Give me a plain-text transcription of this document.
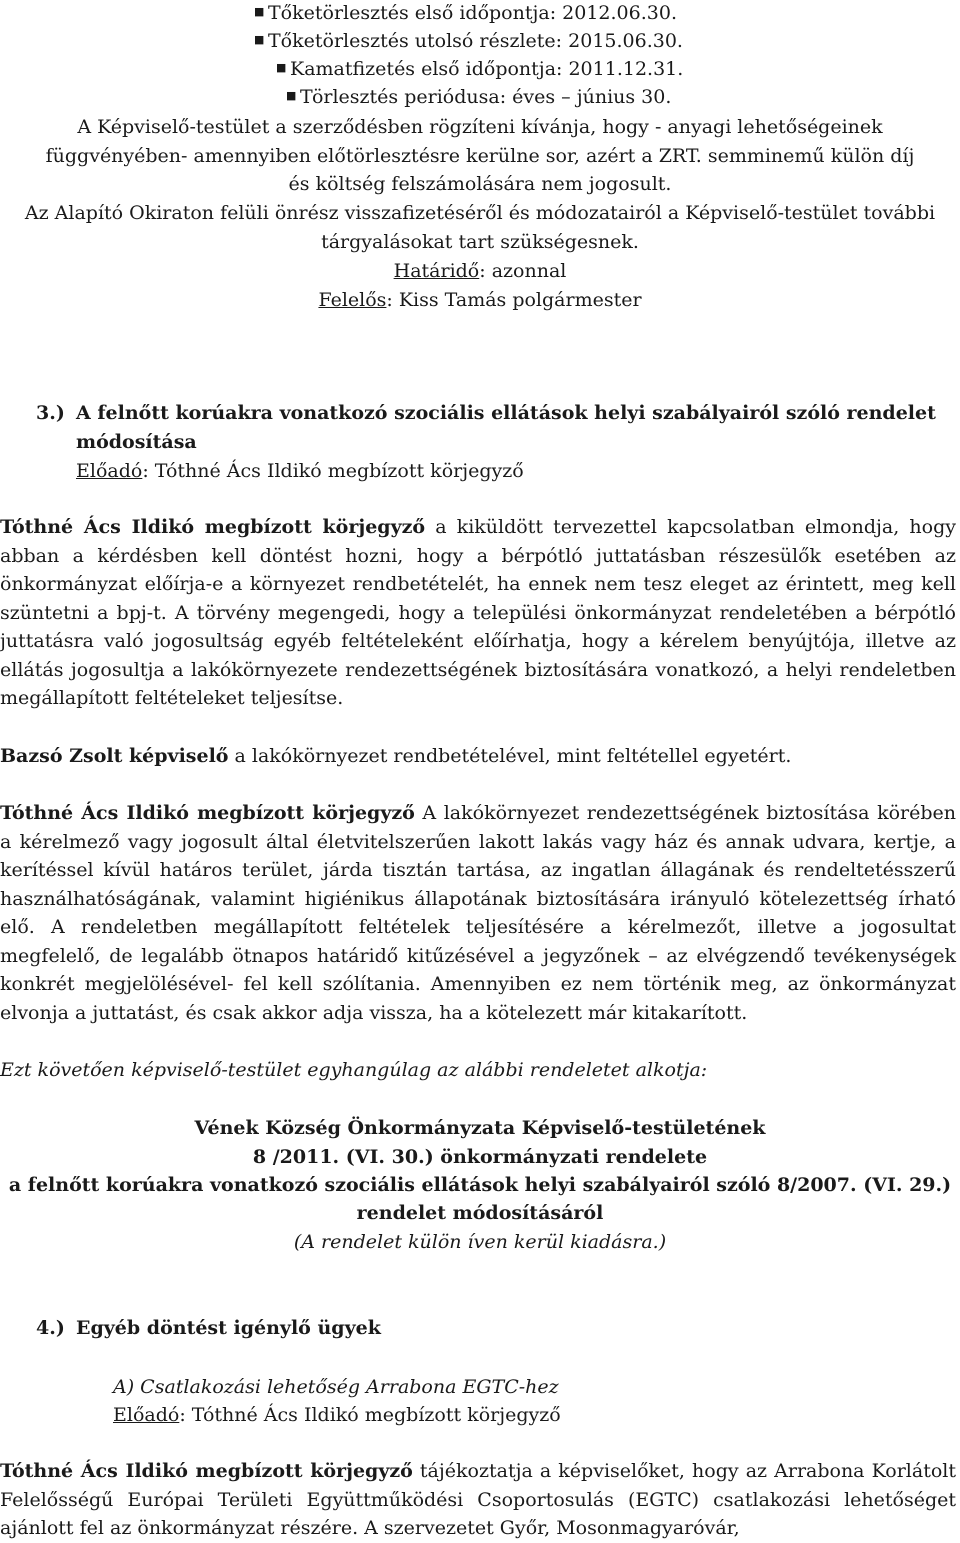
■ Tőketörlesztés első időpontja: 2012.06.30.
■ Tőketörlesztés utolsó részlete: 2015.06.30.
■ Kamatfizetés első időpontja: 2011.12.31.
■ Törlesztés periódusa: éves – június 30.

A Képviselő-testület a szerződésben rögzíteni kívánja, hogy - anyagi lehetőségeinek függvényében- amennyiben előtörlesztésre kerülne sor, azért a ZRT. semminemű külön díj és költség felszámolására nem jogosult.

Az Alapító Okiraton felüli önrész visszafizetéséről és módozatairól a Képviselő-testület további tárgyalásokat tart szükségesnek.

Határidő: azonnal

Felelős: Kiss Tamás polgármester

3.) A felnőtt korúakra vonatkozó szociális ellátások helyi szabályairól szóló rendelet
módosítása

Előadó: Tóthné Ács Ildikó megbízott körjegyző

Tóthné Ács Ildikó megbízott körjegyző a kiküldött tervezettel kapcsolatban elmondja, hogy abban a kérdésben kell döntést hozni, hogy a bérpótló juttatásban részesülők esetében az önkormányzat előírja-e a környezet rendbetételét, ha ennek nem tesz eleget az érintett, meg kell szüntetni a bpj-t. A törvény megengedi, hogy a települési önkormányzat rendeletében a bérpótló juttatásra való jogosultság egyéb feltételeként előírhatja, hogy a kérelem benyújtója, illetve az ellátás jogosultja a lakókörnyezete rendezettségének biztosítására vonatkozó, a helyi rendeletben megállapított feltételeket teljesítse.

Bazsó Zsolt képviselő a lakókörnyezet rendbetételével, mint feltétellel egyetért.

Tóthné Ács Ildikó megbízott körjegyző A lakókörnyezet rendezettségének biztosítása körében a kérelmező vagy jogosult által életvitelszerűen lakott lakás vagy ház és annak udvara, kertje, a kerítéssel kívül határos terület, járda tisztán tartása, az ingatlan állagának és rendeltetésszerű használhatóságának, valamint higiénikus állapotának biztosítására irányuló kötelezettség írható elő. A rendeletben megállapított feltételek teljesítésére a kérelmezőt, illetve a jogosultat megfelelő, de legalább ötnapos határidő kitűzésével a jegyzőnek – az elvégzendő tevékenységek konkrét megjelölésével- fel kell szólítania. Amennyiben ez nem történik meg, az önkormányzat elvonja a juttatást, és csak akkor adja vissza, ha a kötelezett már kitakarított.

Ezt követően képviselő-testület egyhangúlag az alábbi rendeletet alkotja:

Vének Község Önkormányzata Képviselő-testületének

8 /2011. (VI. 30.) önkormányzati rendelete

a felnőtt korúakra vonatkozó szociális ellátások helyi szabályairól szóló 8/2007. (VI. 29.)

rendelet módosításáról

(A rendelet külön íven kerül kiadásra.)

4.) Egyéb döntést igénylő ügyek

A) Csatlakozási lehetőség Arrabona EGTC-hez

Előadó: Tóthné Ács Ildikó megbízott körjegyző

Tóthné Ács Ildikó megbízott körjegyző tájékoztatja a képviselőket, hogy az Arrabona Korlátolt Felelősségű Európai Területi Együttműködési Csoportosulás (EGTC) csatlakozási lehetőséget ajánlott fel az önkormányzat részére. A szervezetet Győr, Mosonmagyaróvár,
